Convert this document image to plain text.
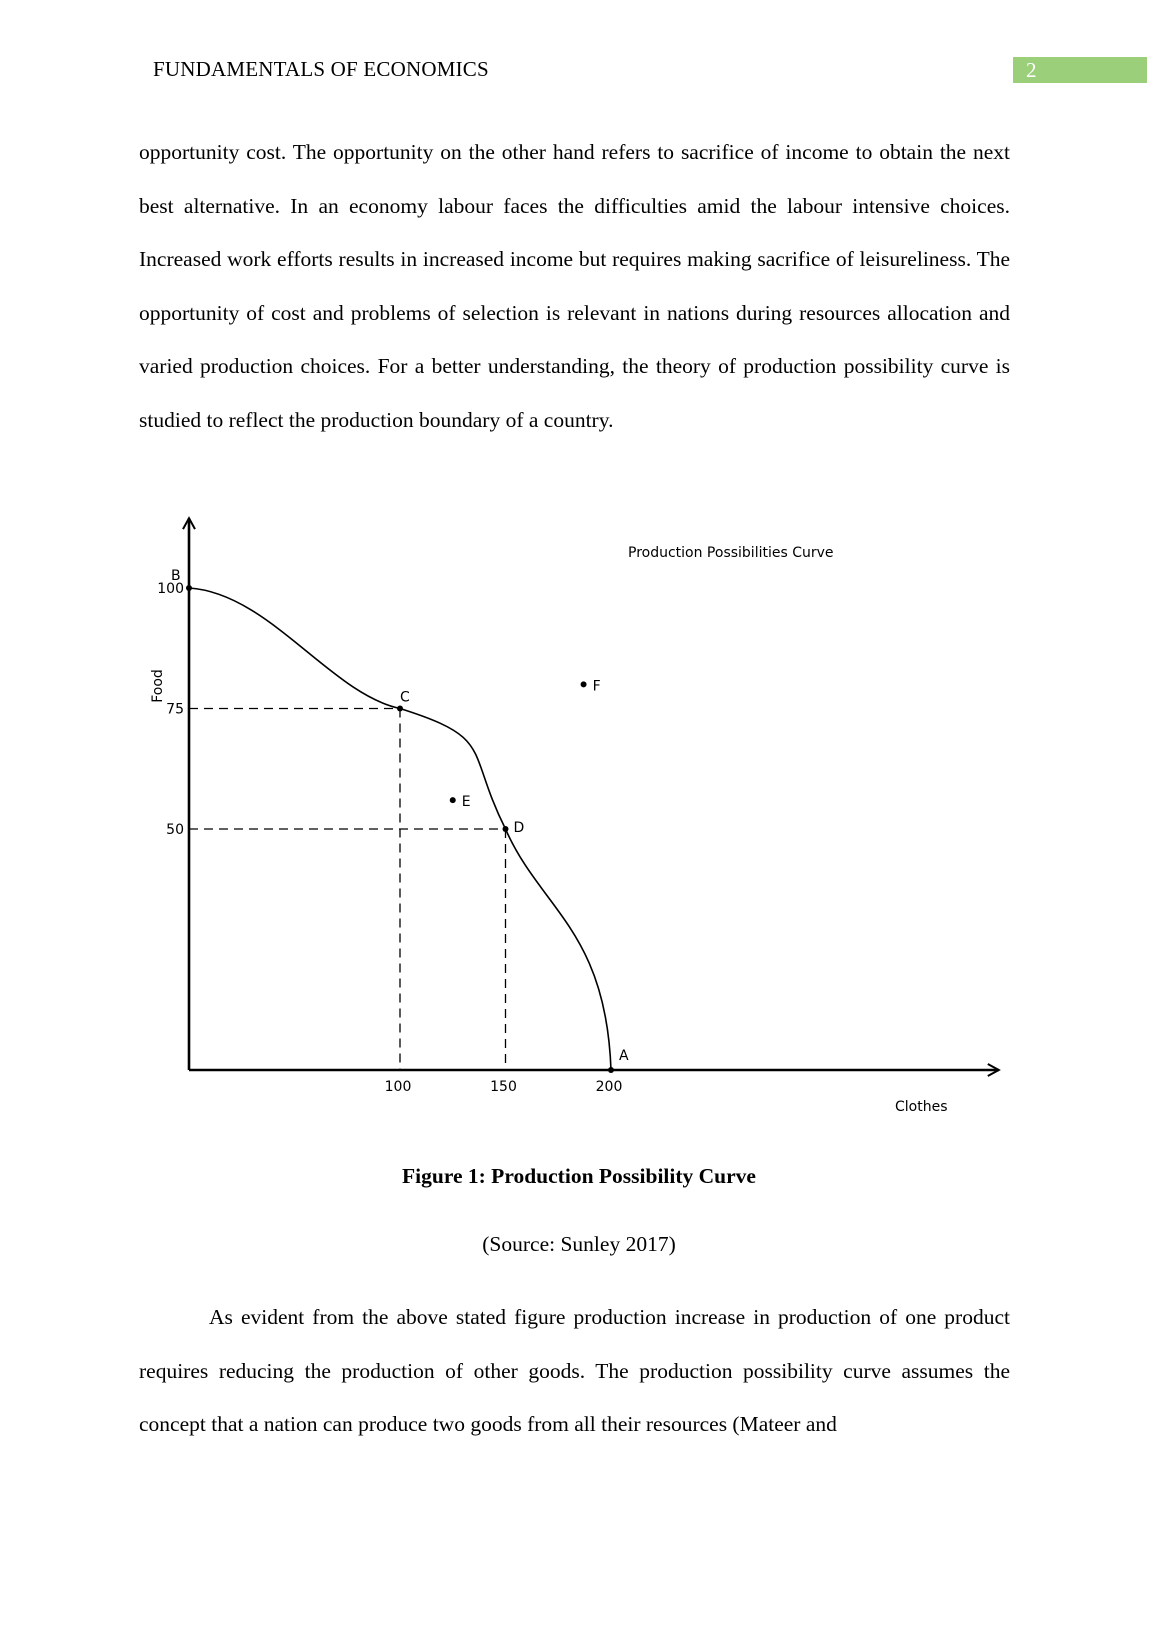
FUNDAMENTALS OF ECONOMICS	2

opportunity cost. The opportunity on the other hand refers to sacrifice of income to obtain the next best alternative. In an economy labour faces the difficulties amid the labour intensive choices. Increased work efforts results in increased income but requires making sacrifice of leisureliness. The opportunity of cost and problems of selection is relevant in nations during resources allocation and varied production choices. For a better understanding, the theory of production possibility curve is studied to reflect the production boundary of a country.

B
C
D
A
E
F
100	150	200
50
75
100
Production Possibilities Curve
Clothes
Food
Figure 1: Production Possibility Curve
(Source: Sunley 2017)

As evident from the above stated figure production increase in production of one product requires reducing the production of other goods. The production possibility curve assumes the concept that a nation can produce two goods from all their resources (Mateer and
